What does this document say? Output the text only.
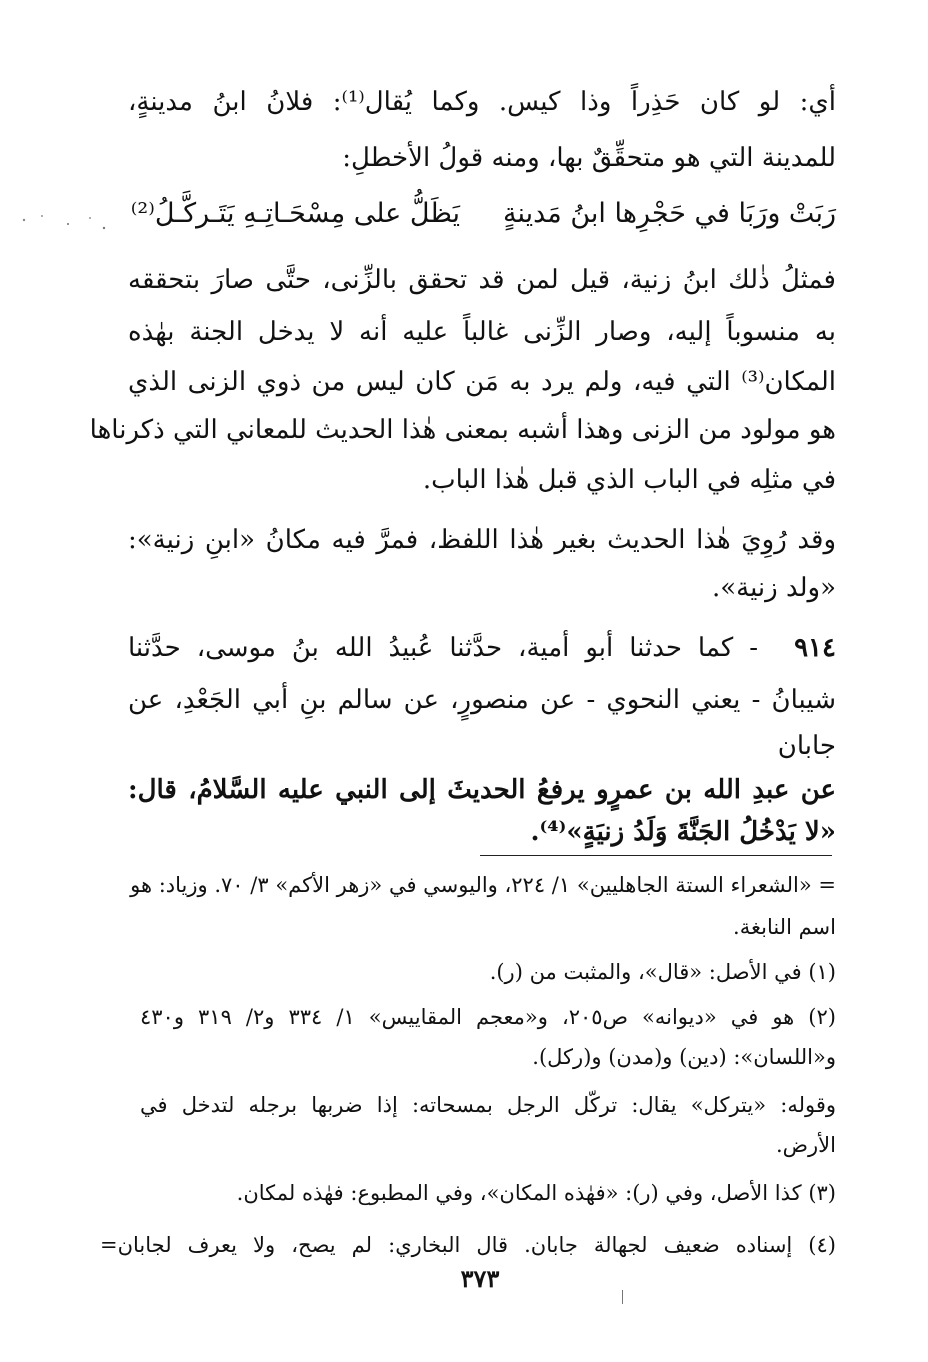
أي: لو كان حَذِراً وذا كيس. وكما يُقال⁽¹⁾: فلانُ ابنُ مدينةٍ،
للمدينة التي هو متحقِّقٌ بها، ومنه قولُ الأخطلِ:
رَبَتْ ورَبَا في حَجْرِها ابنُ مَدينةٍ
يَظَلُّ على مِسْحَـاتِـهِ يَتَـركَّـلُ⁽²⁾
فمثلُ ذٰلك ابنُ زنية، قيل لمن قد تحقق بالزِّنى، حتَّى صارَ بتحققه
به منسوباً إليه، وصار الزِّنى غالباً عليه أنه لا يدخل الجنة بهٰذه
المكان⁽³⁾ التي فيه، ولم يرد به مَن كان ليس من ذوي الزنى الذي
هو مولود من الزنى وهذا أشبه بمعنى هٰذا الحديث للمعاني التي ذكرناها
في مثلِه في الباب الذي قبل هٰذا الباب.
وقد رُوِيَ هٰذا الحديث بغير هٰذا اللفظ، فمرَّ فيه مكانُ «ابنِ زنية»:
«ولد زنية».
- كما حدثنا أبو أمية، حدَّثنا عُبيدُ الله بنُ موسى، حدَّثنا	٩١٤
شيبانُ - يعني النحوي - عن منصورٍ، عن سالم بنِ أبي الجَعْدِ، عن
جابان
عن عبدِ الله بن عمرٍو يرفعُ الحديثَ إلى النبي عليه السَّلامُ، قال:
«لا يَدْخُلُ الجَنَّةَ وَلَدُ زنيَةٍ»⁽⁴⁾.
= «الشعراء الستة الجاهليين» ١/ ٢٢٤، واليوسي في «زهر الأكم» ٣/ ٧٠. وزياد: هو
اسم النابغة.
(١) في الأصل: «قال»، والمثبت من (ر).
(٢) هو في «ديوانه» ص٢٠٥، و«معجم المقاييس» ١/ ٣٣٤ و٢/ ٣١٩ و٤٣٠
و«اللسان»: (دين) و(مدن) و(ركل).
وقوله: «يتركل» يقال: تركّل الرجل بمسحاته: إذا ضربها برجله لتدخل في
الأرض.
(٣) كذا الأصل، وفي (ر): «فهٰذه المكان»، وفي المطبوع: فهٰذه لمكان.
(٤) إسناده ضعيف لجهالة جابان. قال البخاري: لم يصح، ولا يعرف لجابان=
٣٧٣
